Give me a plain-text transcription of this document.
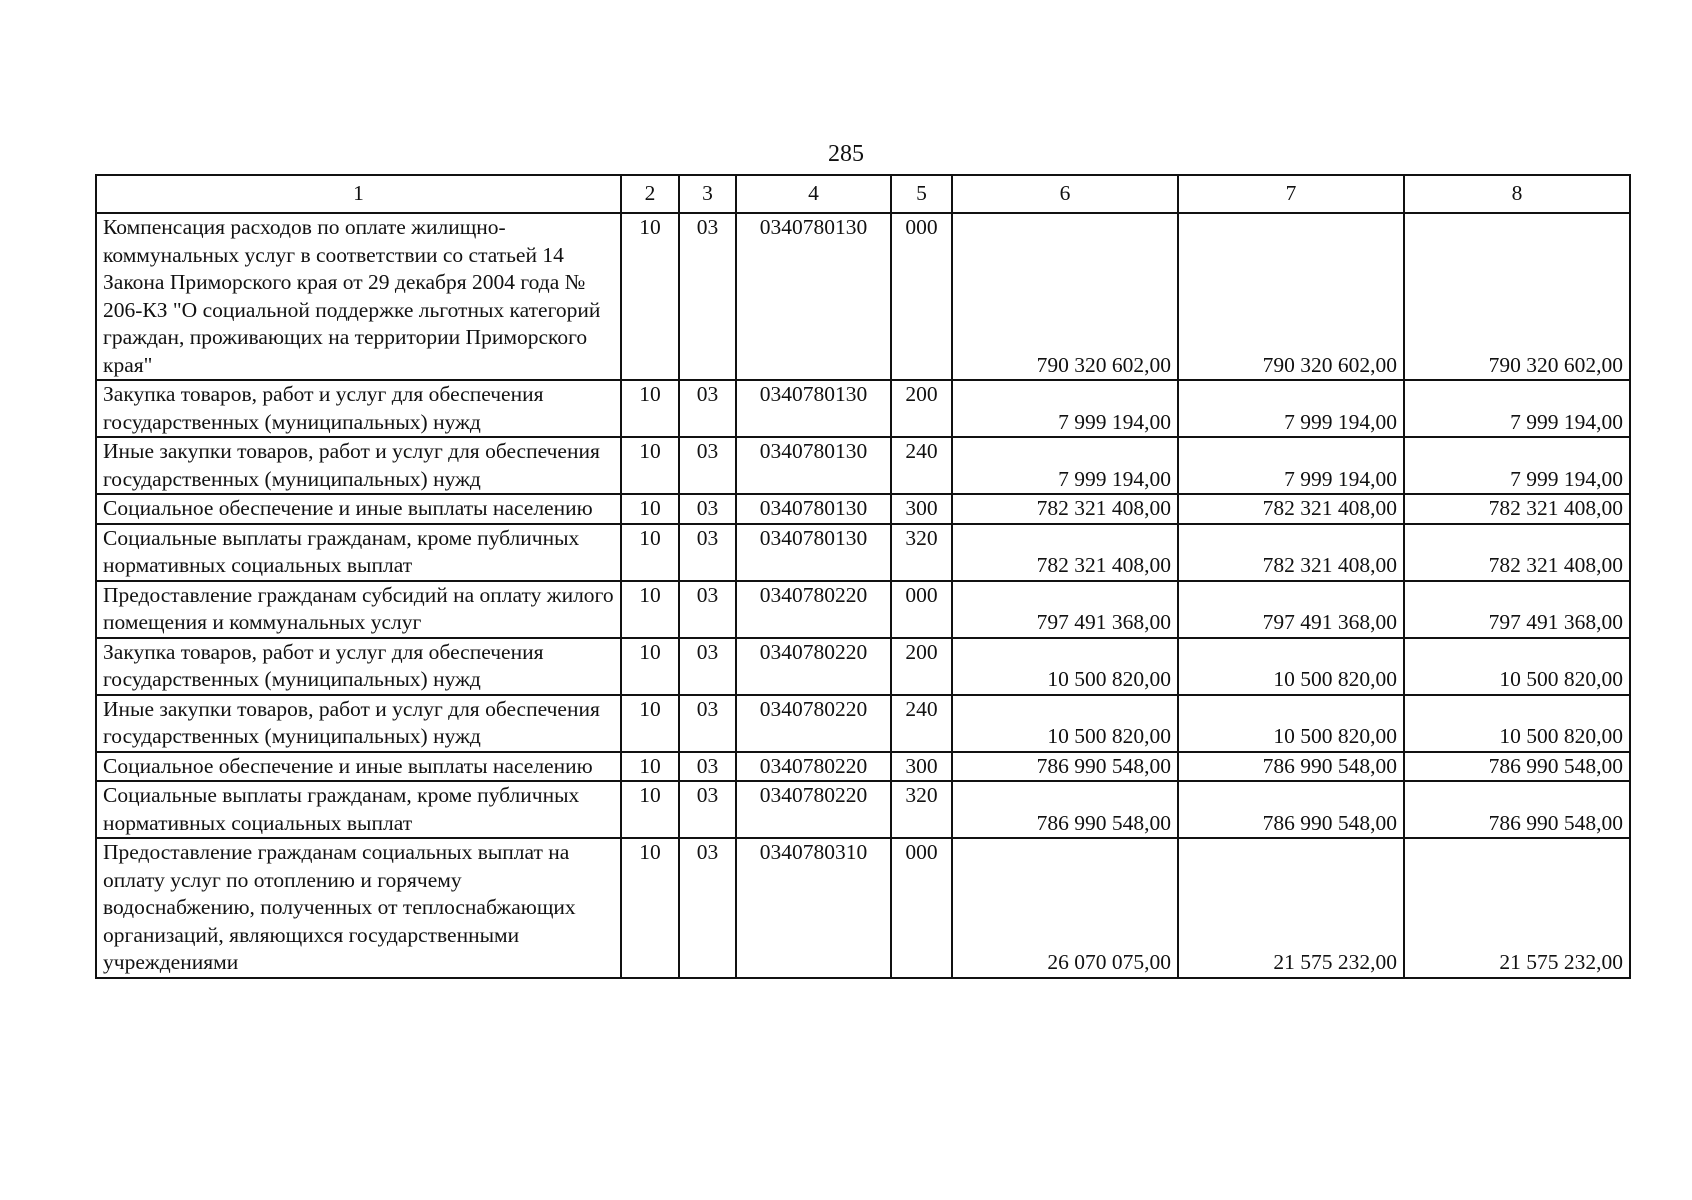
285
1	2	3	4	5	6	7	8
Компенсация расходов по оплате жилищно-коммунальных услуг в соответствии со статьей 14 Закона Приморского края от 29 декабря 2004 года № 206-КЗ "О социальной поддержке льготных категорий граждан, проживающих на территории Приморского края"	10	03	0340780130	000	790 320 602,00	790 320 602,00	790 320 602,00
Закупка товаров, работ и услуг для обеспечения государственных (муниципальных) нужд	10	03	0340780130	200	7 999 194,00	7 999 194,00	7 999 194,00
Иные закупки товаров, работ и услуг для обеспечения государственных (муниципальных) нужд	10	03	0340780130	240	7 999 194,00	7 999 194,00	7 999 194,00
Социальное обеспечение и иные выплаты населению	10	03	0340780130	300	782 321 408,00	782 321 408,00	782 321 408,00
Социальные выплаты гражданам, кроме публичных нормативных социальных выплат	10	03	0340780130	320	782 321 408,00	782 321 408,00	782 321 408,00
Предоставление гражданам субсидий на оплату жилого помещения и коммунальных услуг	10	03	0340780220	000	797 491 368,00	797 491 368,00	797 491 368,00
Закупка товаров, работ и услуг для обеспечения государственных (муниципальных) нужд	10	03	0340780220	200	10 500 820,00	10 500 820,00	10 500 820,00
Иные закупки товаров, работ и услуг для обеспечения государственных (муниципальных) нужд	10	03	0340780220	240	10 500 820,00	10 500 820,00	10 500 820,00
Социальное обеспечение и иные выплаты населению	10	03	0340780220	300	786 990 548,00	786 990 548,00	786 990 548,00
Социальные выплаты гражданам, кроме публичных нормативных социальных выплат	10	03	0340780220	320	786 990 548,00	786 990 548,00	786 990 548,00
Предоставление гражданам социальных выплат на оплату услуг по отоплению и горячему водоснабжению, полученных от теплоснабжающих организаций, являющихся государственными учреждениями	10	03	0340780310	000	26 070 075,00	21 575 232,00	21 575 232,00
